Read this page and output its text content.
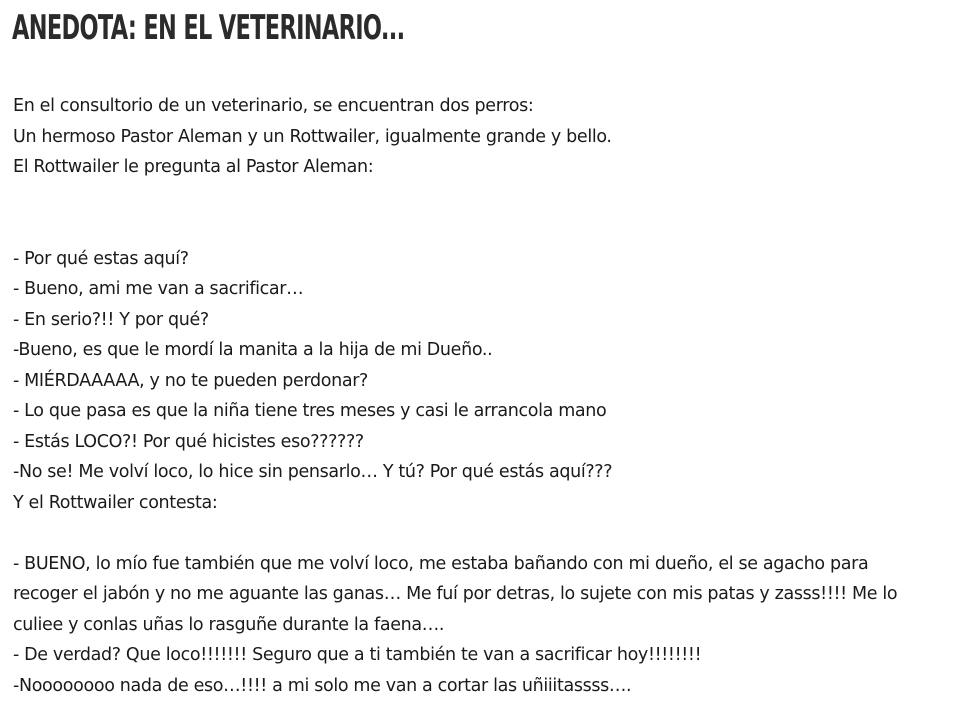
ANEDOTA: EN EL VETERINARIO...

En el consultorio de un veterinario, se encuentran dos perros:

Un hermoso Pastor Aleman y un Rottwailer, igualmente grande y bello.

El Rottwailer le pregunta al Pastor Aleman:

- Por qué estas aquí?

- Bueno, ami me van a sacrificar…

- En serio?!! Y por qué?

-Bueno, es que le mordí la manita a la hija de mi Dueño..

- MIÉRDAAAAA, y no te pueden perdonar?

- Lo que pasa es que la niña tiene tres meses y casi le arrancola mano

- Estás LOCO?! Por qué hicistes eso??????

-No se! Me volví loco, lo hice sin pensarlo… Y tú? Por qué estás aquí???

Y el Rottwailer contesta:

- BUENO, lo mío fue también que me volví loco, me estaba bañando con mi dueño, el se agacho para

recoger el jabón y no me aguante las ganas… Me fuí por detras, lo sujete con mis patas y zasss!!!! Me lo

culiee y conlas uñas lo rasguñe durante la faena….

- De verdad? Que loco!!!!!!! Seguro que a ti también te van a sacrificar hoy!!!!!!!!

-Noooooooo nada de eso…!!!! a mi solo me van a cortar las uñiiitassss….
